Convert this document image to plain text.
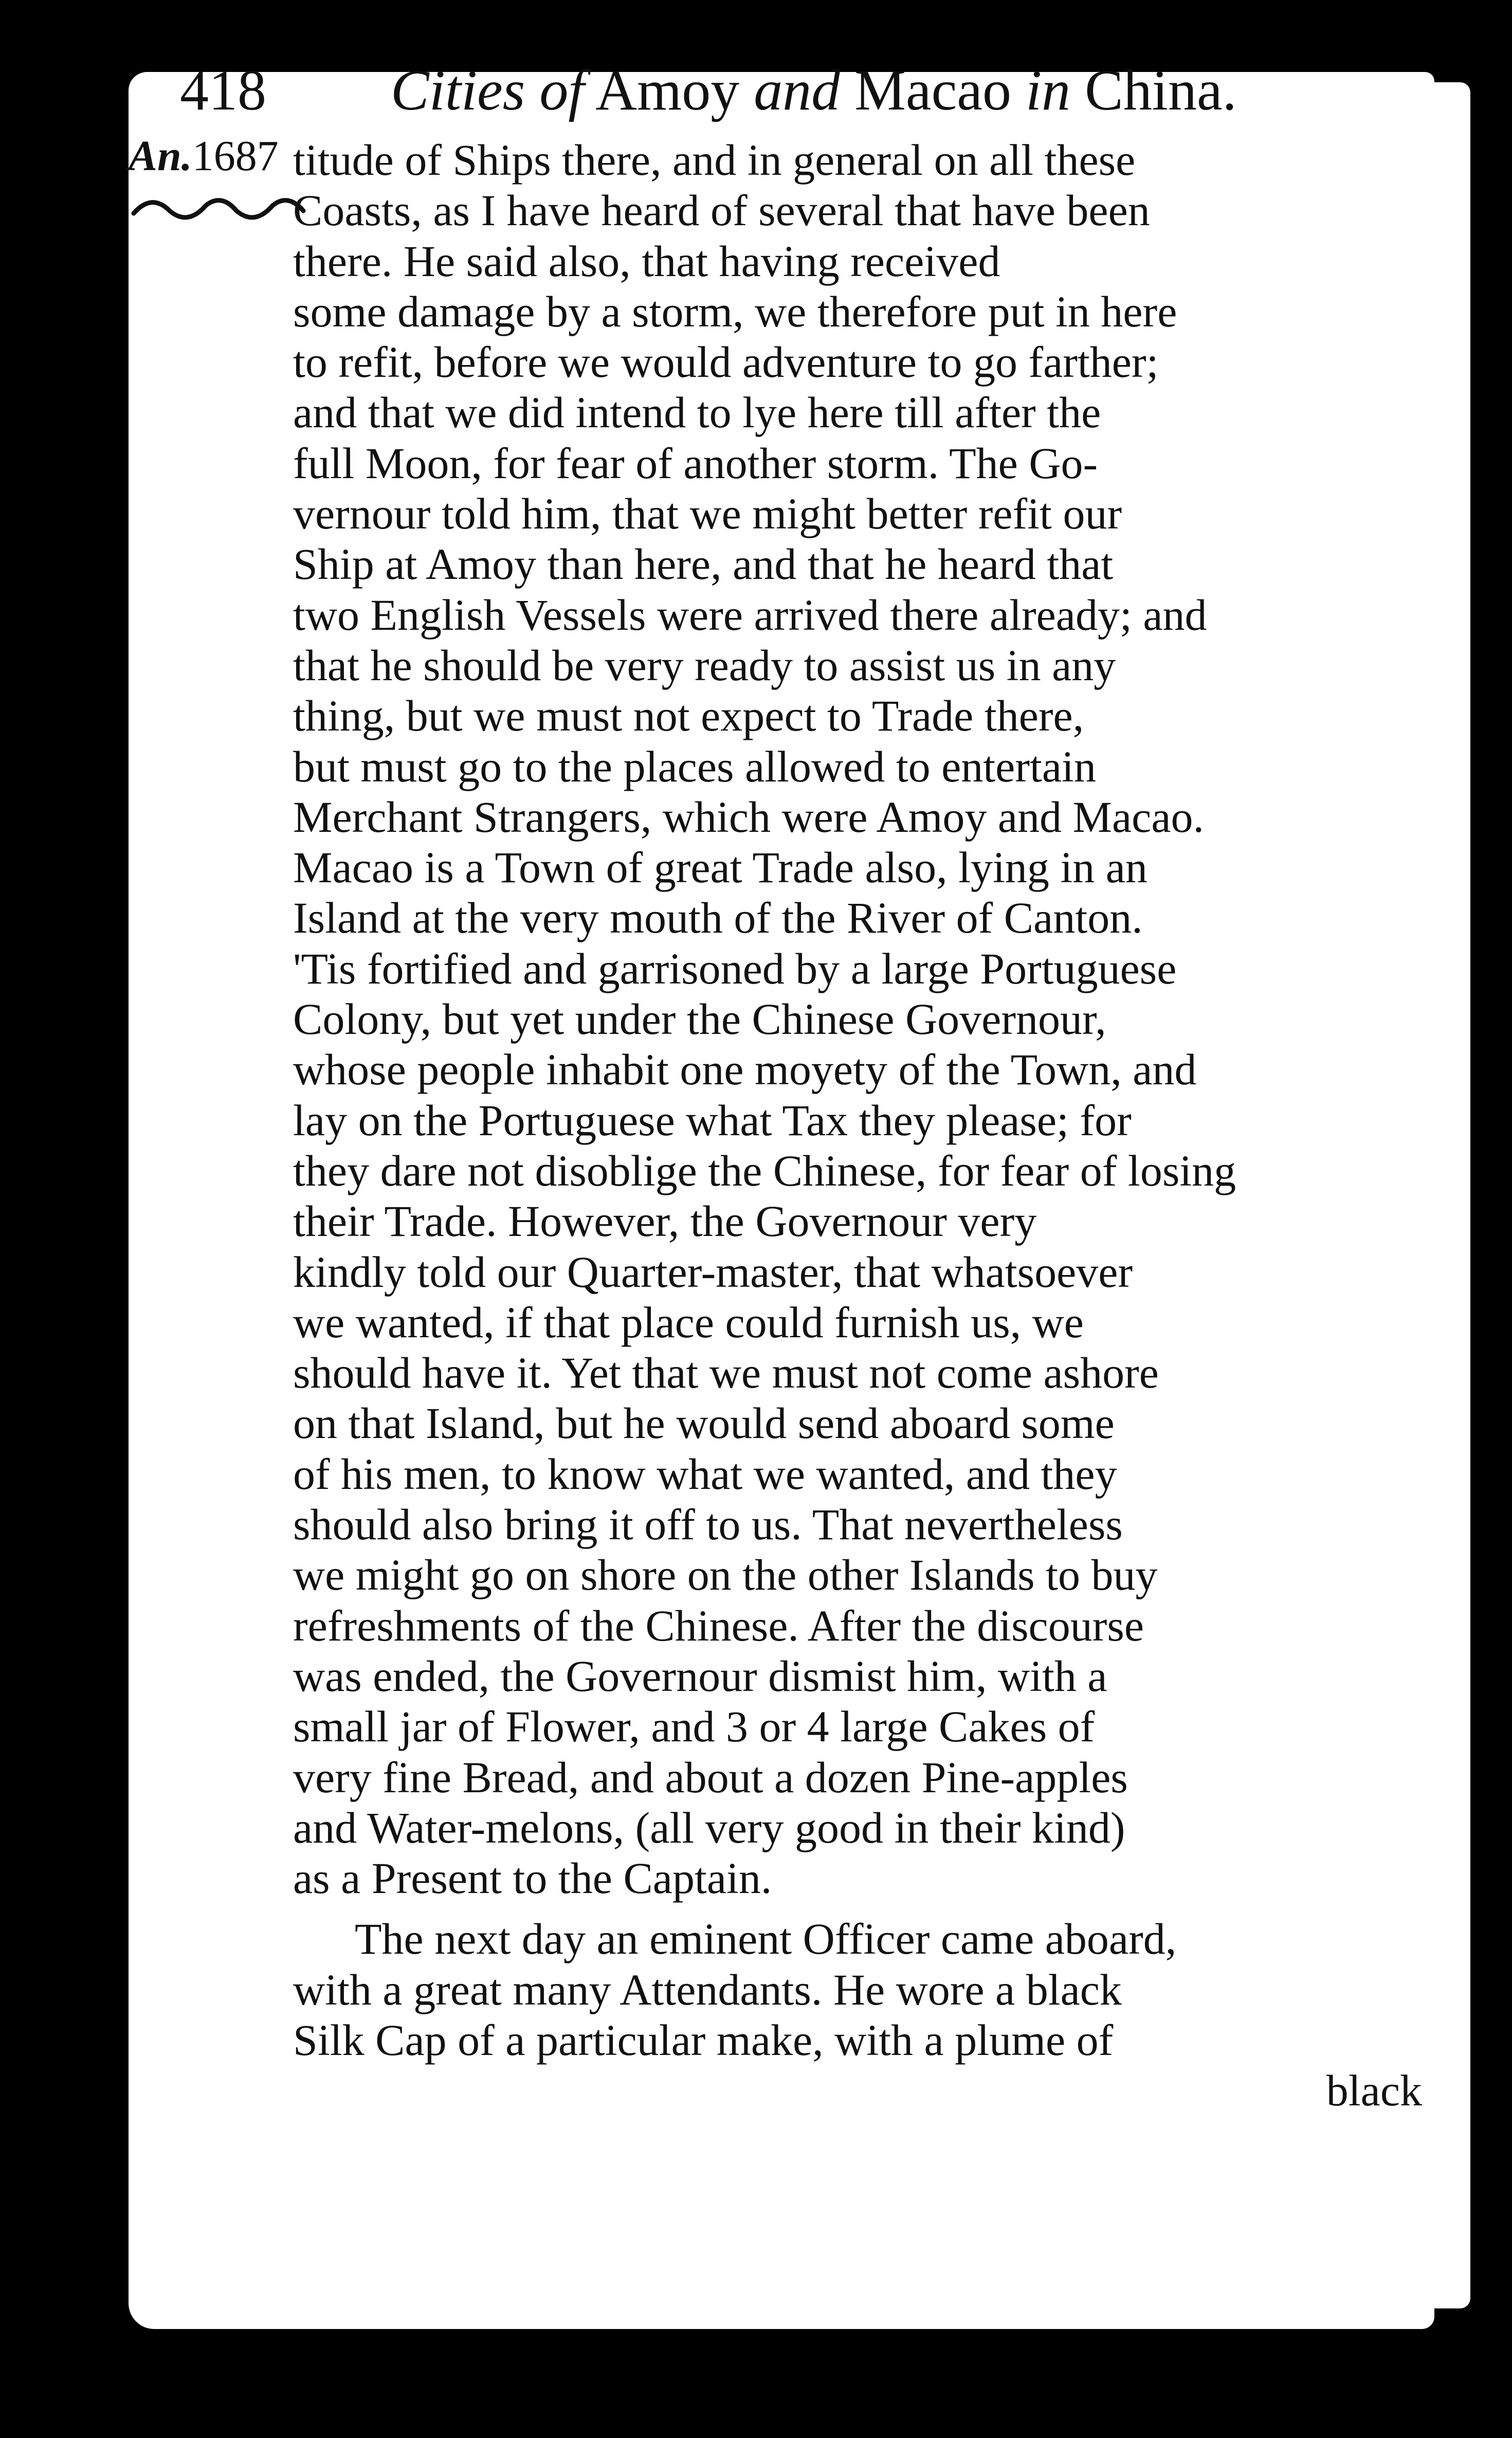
418 Cities of Amoy and Macao in China.
An.1687 titude of Ships there, and in general on all these
Coasts, as I have heard of several that have been
there. He said also, that having received
some damage by a storm, we therefore put in here
to refit, before we would adventure to go farther;
and that we did intend to lye here till after the
full Moon, for fear of another storm. The Go-
vernour told him, that we might better refit our
Ship at Amoy than here, and that he heard that
two English Vessels were arrived there already; and
that he should be very ready to assist us in any
thing, but we must not expect to Trade there,
but must go to the places allowed to entertain
Merchant Strangers, which were Amoy and Macao.
Macao is a Town of great Trade also, lying in an
Island at the very mouth of the River of Canton.
'Tis fortified and garrisoned by a large Portuguese
Colony, but yet under the Chinese Governour,
whose people inhabit one moyety of the Town, and
lay on the Portuguese what Tax they please; for
they dare not disoblige the Chinese, for fear of losing
their Trade. However, the Governour very
kindly told our Quarter-master, that whatsoever
we wanted, if that place could furnish us, we
should have it. Yet that we must not come ashore
on that Island, but he would send aboard some
of his men, to know what we wanted, and they
should also bring it off to us. That nevertheless
we might go on shore on the other Islands to buy
refreshments of the Chinese. After the discourse
was ended, the Governour dismist him, with a
small jar of Flower, and 3 or 4 large Cakes of
very fine Bread, and about a dozen Pine-apples
and Water-melons, (all very good in their kind)
as a Present to the Captain.
The next day an eminent Officer came aboard,
with a great many Attendants. He wore a black
Silk Cap of a particular make, with a plume of
black
